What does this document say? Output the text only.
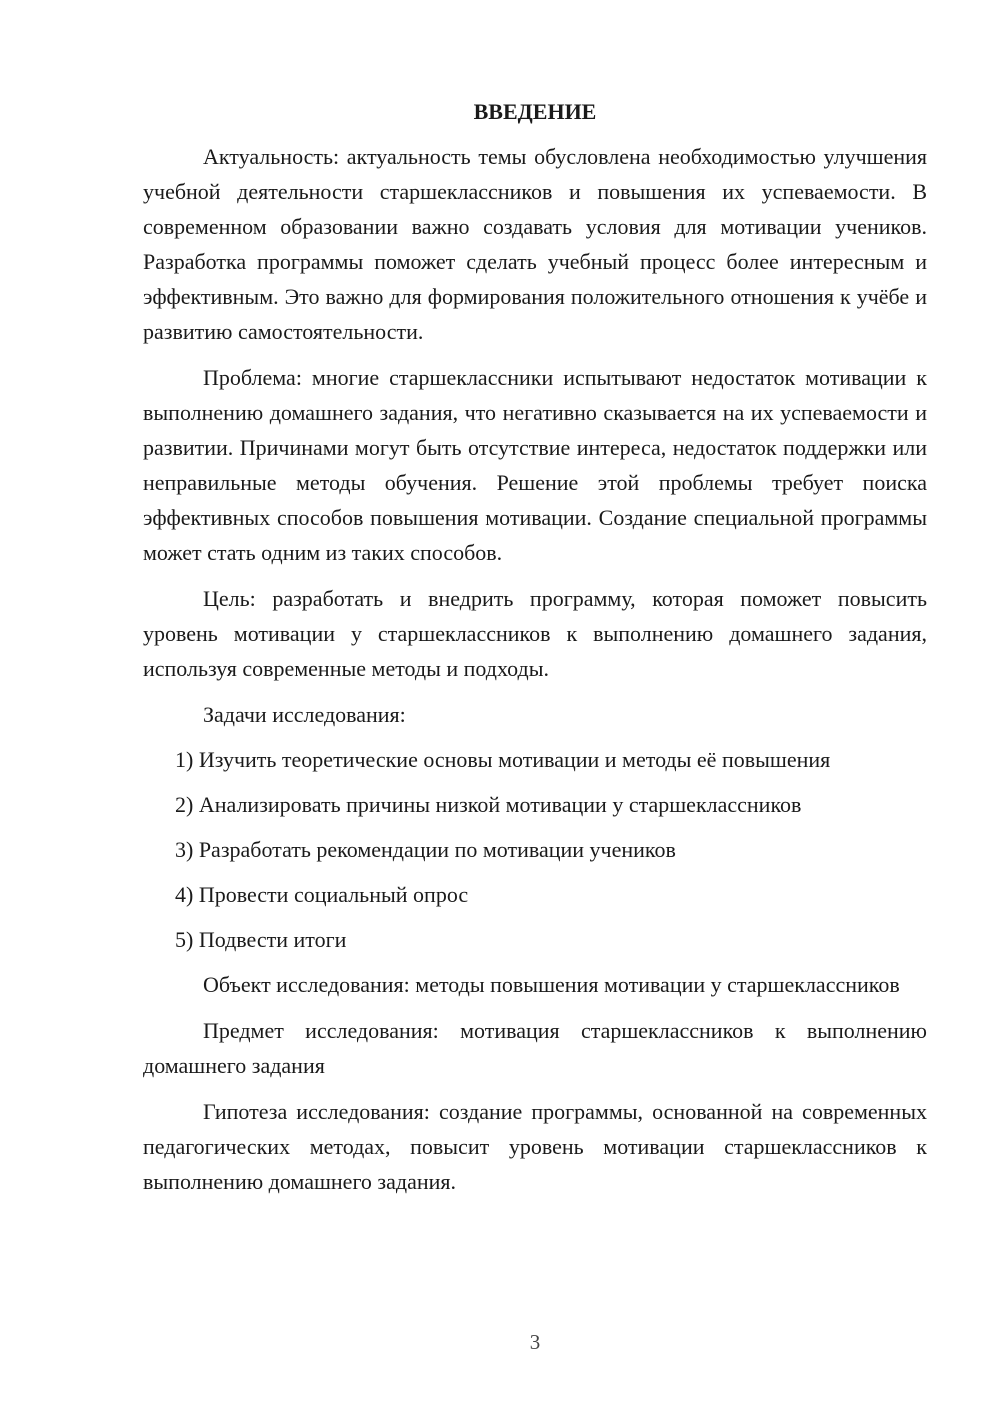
ВВЕДЕНИЕ

Актуальность: актуальность темы обусловлена необходимостью улучшения учебной деятельности старшеклассников и повышения их успеваемости. В современном образовании важно создавать условия для мотивации учеников. Разработка программы поможет сделать учебный процесс более интересным и эффективным. Это важно для формирования положительного отношения к учёбе и развитию самостоятельности.

Проблема: многие старшеклассники испытывают недостаток мотивации к выполнению домашнего задания, что негативно сказывается на их успеваемости и развитии. Причинами могут быть отсутствие интереса, недостаток поддержки или неправильные методы обучения. Решение этой проблемы требует поиска эффективных способов повышения мотивации. Создание специальной программы может стать одним из таких способов.

Цель: разработать и внедрить программу, которая поможет повысить уровень мотивации у старшеклассников к выполнению домашнего задания, используя современные методы и подходы.

Задачи исследования:

1) Изучить теоретические основы мотивации и методы её повышения
2) Анализировать причины низкой мотивации у старшеклассников
3) Разработать рекомендации по мотивации учеников
4) Провести социальный опрос
5) Подвести итоги

Объект исследования: методы повышения мотивации у старшеклассников

Предмет исследования: мотивация старшеклассников к выполнению домашнего задания

Гипотеза исследования: создание программы, основанной на современных педагогических методах, повысит уровень мотивации старшеклассников к выполнению домашнего задания.

3
